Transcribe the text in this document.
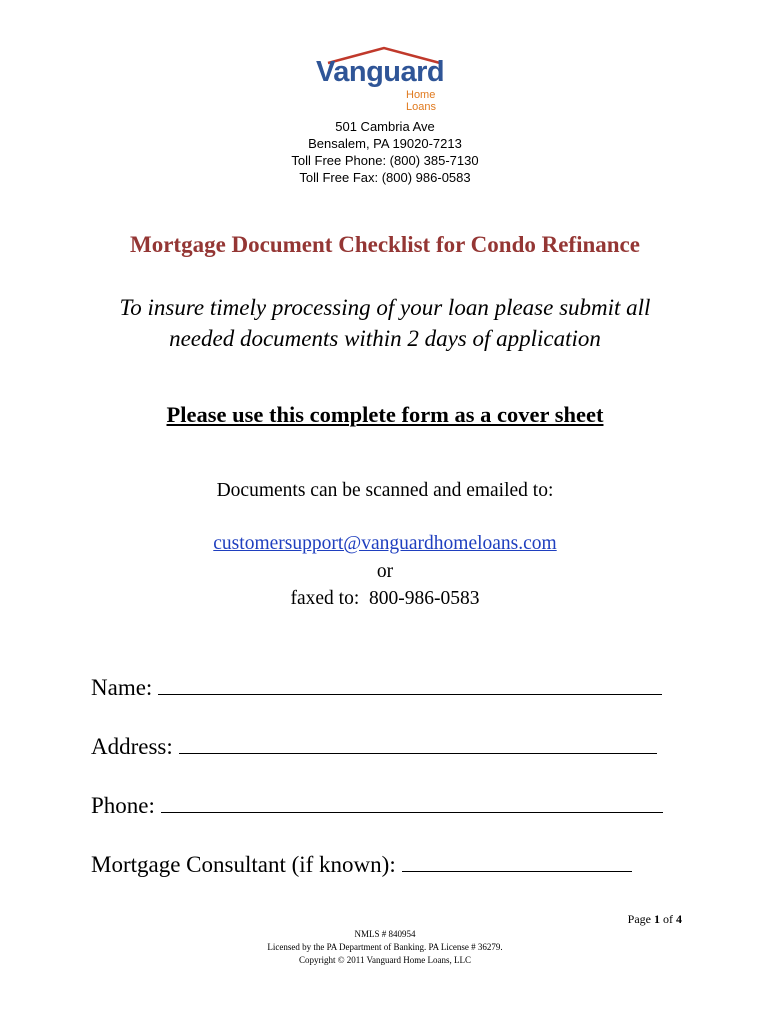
Vanguard
Home Loans
501 Cambria Ave
Bensalem, PA 19020-7213
Toll Free Phone: (800) 385-7130
Toll Free Fax: (800) 986-0583
Mortgage Document Checklist for Condo Refinance
To insure timely processing of your loan please submit all
needed documents within 2 days of application
Please use this complete form as a cover sheet
Documents can be scanned and emailed to:
customersupport@vanguardhomeloans.com
or
faxed to: 800-986-0583
Name:
Address:
Phone:
Mortgage Consultant (if known):
Page 1 of 4
NMLS # 840954
Licensed by the PA Department of Banking. PA License # 36279.
Copyright © 2011 Vanguard Home Loans, LLC
